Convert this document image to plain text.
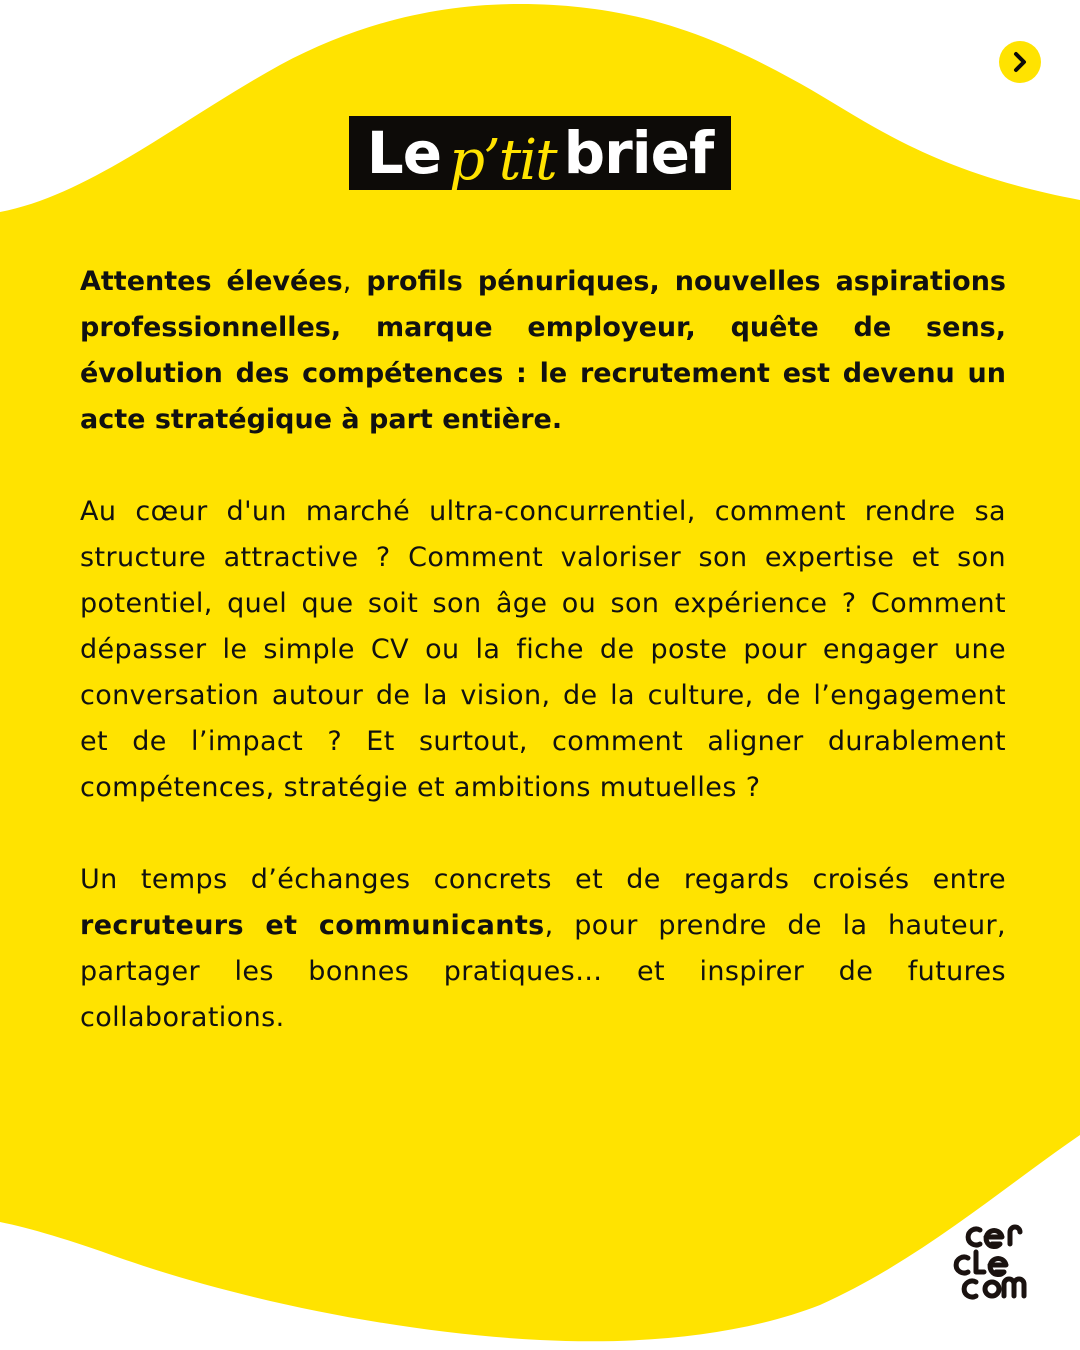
Le p’tit brief

Attentes élevées, profils pénuriques, nouvelles aspirations professionnelles, marque employeur, quête de sens, évolution des compétences : le recrutement est devenu un acte stratégique à part entière.

Au cœur d'un marché ultra-concurrentiel, comment rendre sa structure attractive ? Comment valoriser son expertise et son potentiel, quel que soit son âge ou son expérience ? Comment dépasser le simple CV ou la fiche de poste pour engager une conversation autour de la vision, de la culture, de l’engagement et de l’impact ? Et surtout, comment aligner durablement compétences, stratégie et ambitions mutuelles ?

Un temps d’échanges concrets et de regards croisés entre recruteurs et communicants, pour prendre de la hauteur, partager les bonnes pratiques… et inspirer de futures collaborations.
